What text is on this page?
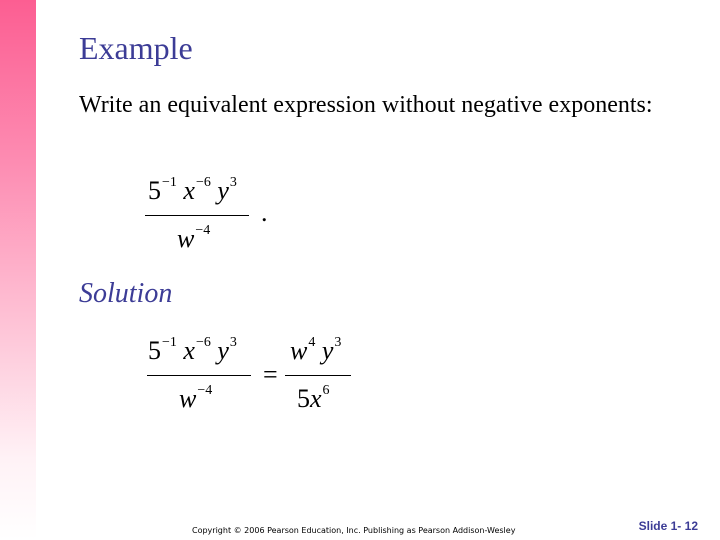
Example
Write an equivalent expression without negative exponents:
$5^{-1}$ $x^{-6}$ $y^3$
$w^{-4}$
.
Solution
$5^{-1}$ $x^{-6}$ $y^3$
$w^{-4}$
=
$w^4$ $y^3$
$5x^6$
Copyright © 2006 Pearson Education, Inc. Publishing as Pearson Addison-Wesley	Slide 1- 12
